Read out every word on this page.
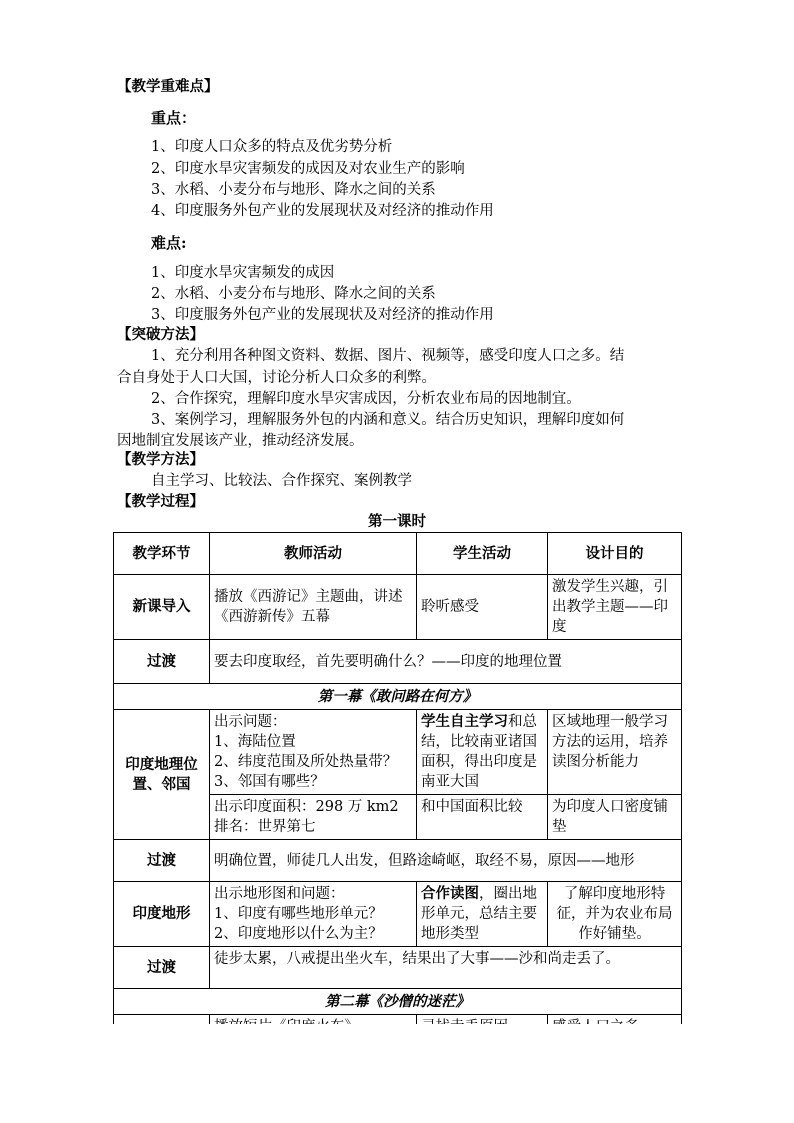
【教学重难点】
重点：
1、印度人口众多的特点及优劣势分析
2、印度水旱灾害频发的成因及对农业生产的影响
3、水稻、小麦分布与地形、降水之间的关系
4、印度服务外包产业的发展现状及对经济的推动作用
难点:
1、印度水旱灾害频发的成因
2、水稻、小麦分布与地形、降水之间的关系
3、印度服务外包产业的发展现状及对经济的推动作用
【突破方法】
1、充分利用各种图文资料、数据、图片、视频等，感受印度人口之多。结
合自身处于人口大国，讨论分析人口众多的利弊。
2、合作探究，理解印度水旱灾害成因，分析农业布局的因地制宜。
3、案例学习，理解服务外包的内涵和意义。结合历史知识，理解印度如何
因地制宜发展该产业，推动经济发展。
【教学方法】
自主学习、比较法、合作探究、案例教学
【教学过程】
第一课时
教学环节	教师活动	学生活动	设计目的
新课导入	播放《西游记》主题曲，讲述《西游新传》五幕	聆听感受	激发学生兴趣，引出教学主题——印度
过渡	要去印度取经，首先要明确什么？——印度的地理位置		
第一幕《敢问路在何方》			
印度地理位置、邻国	出示问题：
1、海陆位置
2、纬度范围及所处热量带？
3、邻国有哪些？	学生自主学习和总结，比较南亚诸国面积，得出印度是南亚大国	区域地理一般学习方法的运用，培养读图分析能力

	出示印度面积：298 万 km2
排名：世界第七	和中国面积比较	为印度人口密度铺垫
过渡	明确位置，师徒几人出发，但路途崎岖，取经不易，原因——地形		
印度地形	出示地形图和问题：
1、印度有哪些地形单元？
2、印度地形以什么为主？	合作读图，圈出地形单元，总结主要地形类型	了解印度地形特征，并为农业布局作好铺垫。
过渡	徒步太累，八戒提出坐火车，结果出了大事——沙和尚走丢了。		
第二幕《沙僧的迷茫》			
